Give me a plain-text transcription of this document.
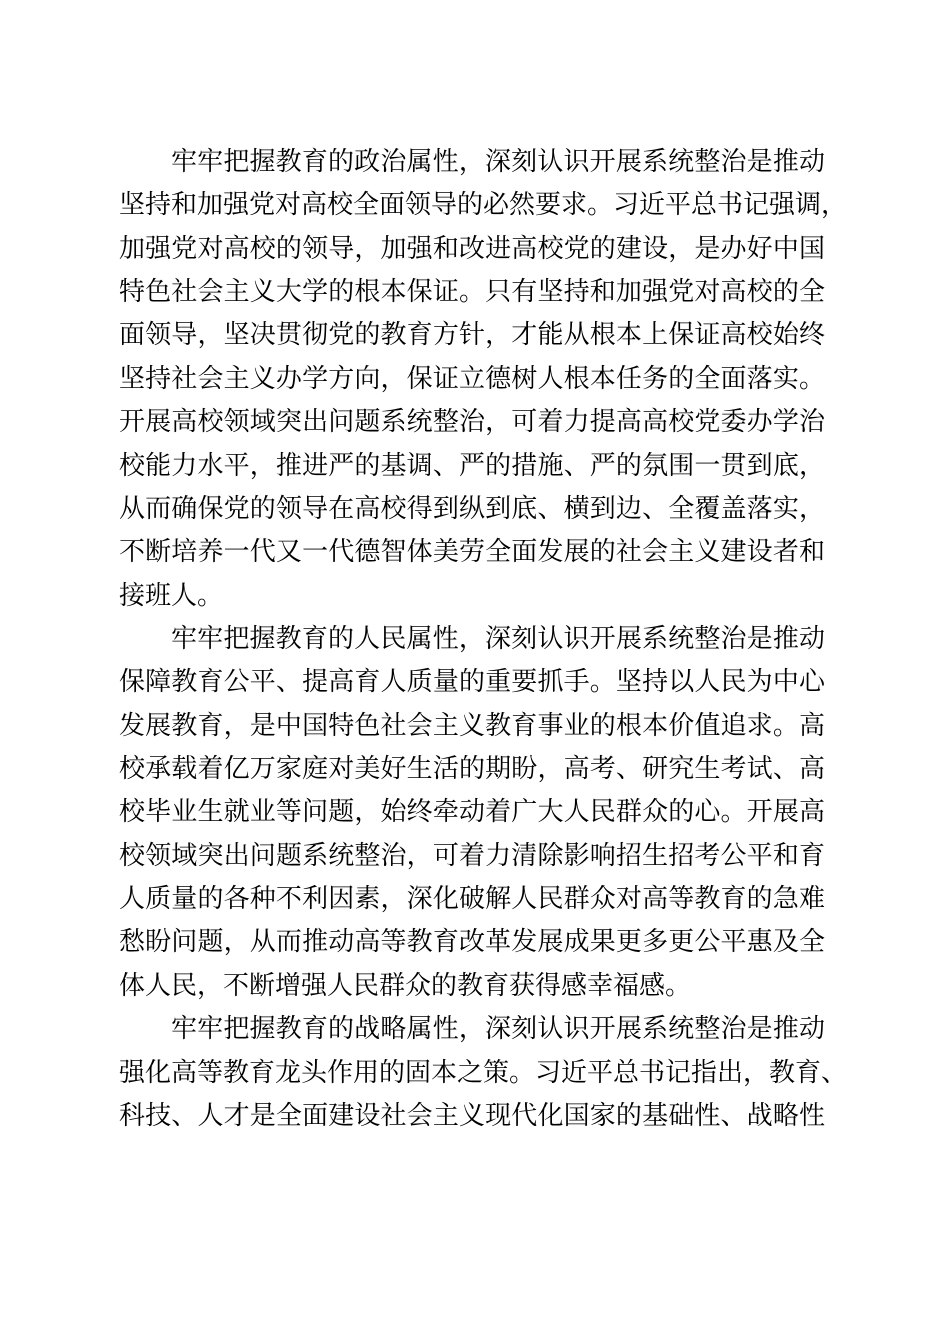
牢牢把握教育的政治属性，深刻认识开展系统整治是推动
坚持和加强党对高校全面领导的必然要求。习近平总书记强调，
加强党对高校的领导，加强和改进高校党的建设，是办好中国
特色社会主义大学的根本保证。只有坚持和加强党对高校的全
面领导，坚决贯彻党的教育方针，才能从根本上保证高校始终
坚持社会主义办学方向，保证立德树人根本任务的全面落实。
开展高校领域突出问题系统整治，可着力提高高校党委办学治
校能力水平，推进严的基调、严的措施、严的氛围一贯到底，
从而确保党的领导在高校得到纵到底、横到边、全覆盖落实，
不断培养一代又一代德智体美劳全面发展的社会主义建设者和
接班人。
牢牢把握教育的人民属性，深刻认识开展系统整治是推动
保障教育公平、提高育人质量的重要抓手。坚持以人民为中心
发展教育，是中国特色社会主义教育事业的根本价值追求。高
校承载着亿万家庭对美好生活的期盼，高考、研究生考试、高
校毕业生就业等问题，始终牵动着广大人民群众的心。开展高
校领域突出问题系统整治，可着力清除影响招生招考公平和育
人质量的各种不利因素，深化破解人民群众对高等教育的急难
愁盼问题，从而推动高等教育改革发展成果更多更公平惠及全
体人民，不断增强人民群众的教育获得感幸福感。
牢牢把握教育的战略属性，深刻认识开展系统整治是推动
强化高等教育龙头作用的固本之策。习近平总书记指出，教育、
科技、人才是全面建设社会主义现代化国家的基础性、战略性
